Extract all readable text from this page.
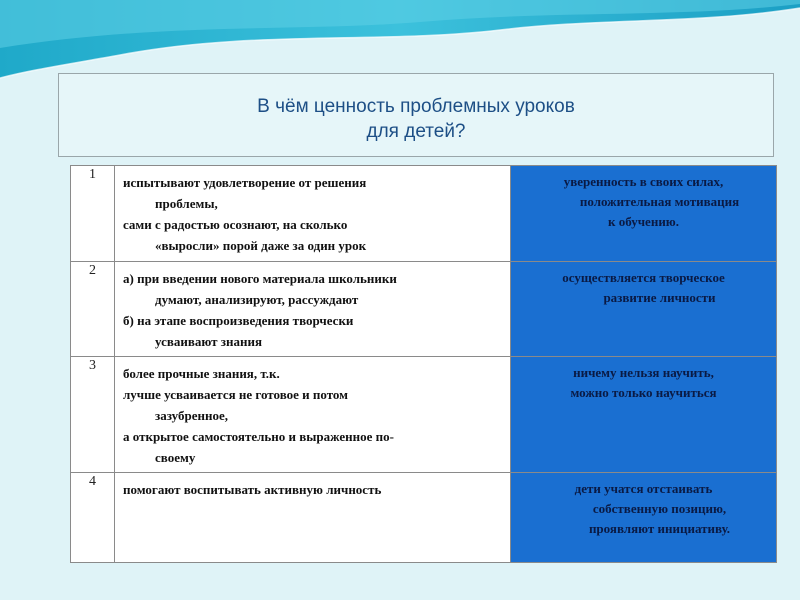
В чём ценность проблемных уроков
для детей?
1	испытывают удовлетворение от решения
проблемы,
сами с радостью осознают, на сколько
«выросли» порой даже за один урок	уверенность в своих силах,
положительная мотивация
к обучению.

2	а) при введении нового материала школьники
думают, анализируют, рассуждают
б) на этапе воспроизведения творчески
усваивают знания	осуществляется творческое
развитие личности

3	более прочные знания, т.к.
лучше усваивается не готовое и потом
зазубренное,
а открытое самостоятельно и выраженное по-
своему	ничему нельзя научить,
можно только научиться

4	помогают воспитывать активную личность	дети учатся отстаивать
собственную позицию,
проявляют инициативу.
